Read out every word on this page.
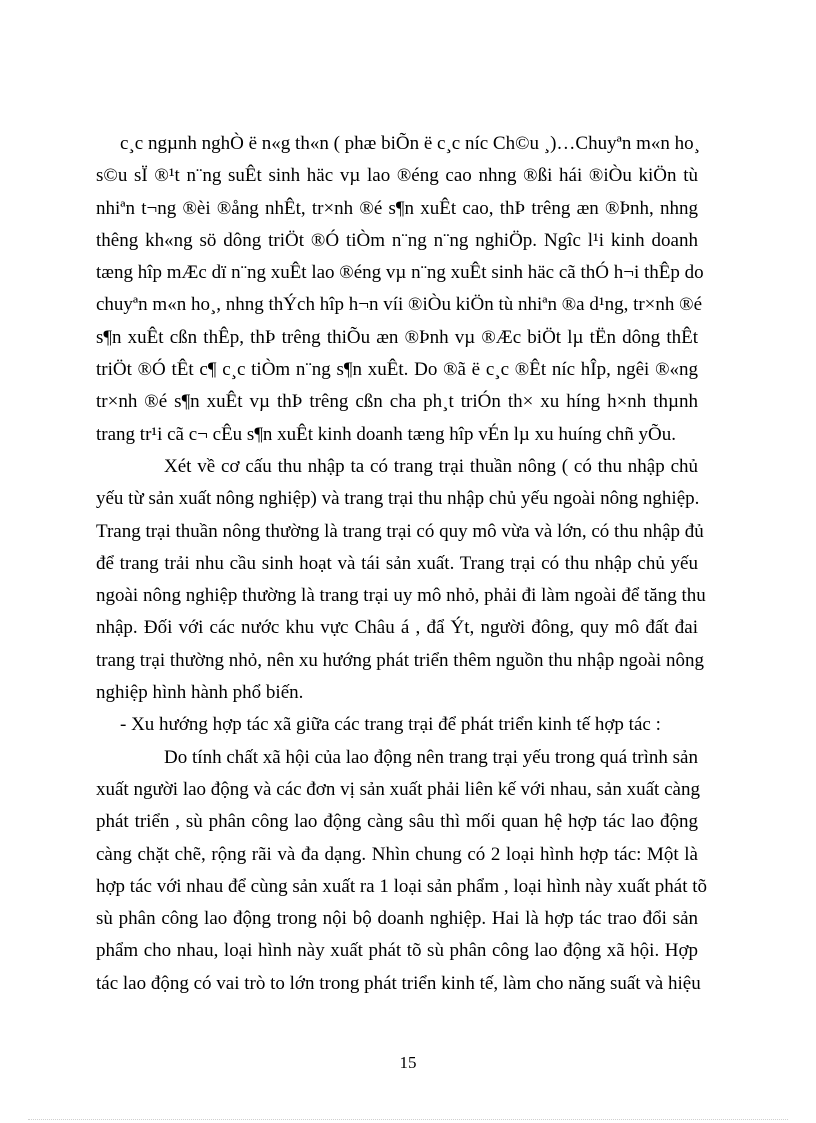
c¸c ngµnh nghÒ ë n«g th«n ( phæ biÕn ë c¸c níc Ch©u ¸)…Chuyªn m«n ho¸
s©u sÏ ®¹t n¨ng suÊt sinh häc vµ lao ®éng cao nhng ®ßi hái ®iÒu kiÖn tù
nhiªn t¬ng ®èi ®ång nhÊt, tr×nh ®é s¶n xuÊt cao, thÞ trêng æn ®Þnh, nhng
thêng kh«ng sö dông triÖt ®Ó tiÒm n¨ng n¨ng nghiÖp. Ngîc l¹i kinh doanh
tæng hîp mÆc dï n¨ng xuÊt lao ®éng vµ n¨ng xuÊt sinh häc cã thÓ h¬i thÊp do
chuyªn m«n ho¸, nhng thÝch hîp h¬n víi ®iÒu kiÖn tù nhiªn ®a d¹ng, tr×nh ®é
s¶n xuÊt cßn thÊp, thÞ trêng thiÕu æn ®Þnh vµ ®Æc biÖt lµ tËn dông thÊt
triÖt ®Ó tÊt c¶ c¸c tiÒm n¨ng s¶n xuÊt. Do ®ã ë c¸c ®Êt níc hÎp, ngêi ®«ng
tr×nh ®é s¶n xuÊt vµ thÞ trêng cßn cha ph¸t triÓn th× xu híng h×nh thµnh
trang tr¹i cã c¬ cÊu s¶n xuÊt kinh doanh tæng hîp vÉn lµ xu huíng chñ yÕu.
Xét về cơ cấu thu nhập ta có trang trại thuần nông ( có thu nhập chủ
yếu từ sản xuất nông nghiệp) và trang trại thu nhập chủ yếu ngoài nông nghiệp.
Trang trại thuần nông thường là trang trại có quy mô vừa và lớn, có thu nhập đủ
để trang trải nhu cầu sinh hoạt và tái sản xuất. Trang trại có thu nhập chủ yếu
ngoài nông nghiệp thường là trang trại uy mô nhỏ, phải đi làm ngoài để tăng thu
nhập. Đối với các nước khu vực Châu á , đẩ Ýt, người đông, quy mô đất đai
trang trại thường nhỏ, nên xu hướng phát triển thêm nguồn thu nhập ngoài nông
nghiệp hình hành phổ biến.
- Xu hướng hợp tác xã giữa các trang trại để phát triển kinh tế hợp tác :
Do tính chất xã hội của lao động nên trang trại yếu trong quá trình sản
xuất người lao động và các đơn vị sản xuất phải liên kế với nhau, sản xuất càng
phát triển , sù phân công lao động càng sâu thì mối quan hệ hợp tác lao động
càng chặt chẽ, rộng rãi và đa dạng. Nhìn chung có 2 loại hình hợp tác: Một là
hợp tác với nhau để cùng sản xuất ra 1 loại sản phẩm , loại hình này xuất phát tõ
sù phân công lao động trong nội bộ doanh nghiệp. Hai là hợp tác trao đổi sản
phẩm cho nhau, loại hình này xuất phát tõ sù phân công lao động xã hội. Hợp
tác lao động có vai trò to lớn trong phát triển kinh tế, làm cho năng suất và hiệu
15
